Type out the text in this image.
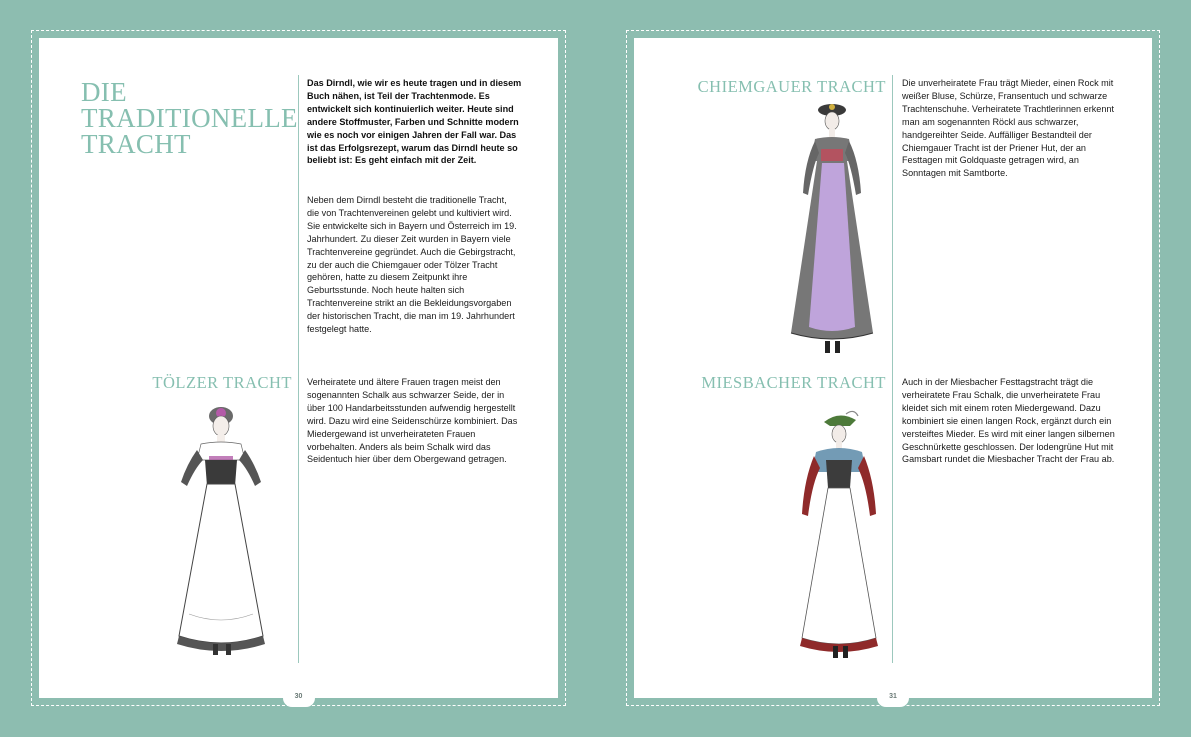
DIE
TRADITIONELLE
TRACHT

Das Dirndl, wie wir es heute tragen und in diesem Buch nähen, ist Teil der Trachtenmode. Es entwickelt sich kontinuierlich weiter. Heute sind andere Stoffmuster, Farben und Schnitte modern wie es noch vor einigen Jahren der Fall war. Das ist das Erfolgsrezept, warum das Dirndl heute so beliebt ist: Es geht einfach mit der Zeit.

Neben dem Dirndl besteht die traditionelle Tracht, die von Trachtenvereinen gelebt und kultiviert wird. Sie entwickelte sich in Bayern und Österreich im 19. Jahrhundert. Zu dieser Zeit wurden in Bayern viele Trachtenvereine gegründet. Auch die Gebirgstracht, zu der auch die Chiemgauer oder Tölzer Tracht gehören, hatte zu diesem Zeitpunkt ihre Geburtsstunde. Noch heute halten sich Trachtenvereine strikt an die Bekleidungsvorgaben der historischen Tracht, die man im 19. Jahrhundert festgelegt hatte.

TÖLZER TRACHT Verheiratete und ältere Frauen tragen meist den sogenannten Schalk aus schwarzer Seide, der in über 100 Handarbeitsstunden aufwendig hergestellt wird. Dazu wird eine Seidenschürze kombiniert. Das Miedergewand ist unverheirateten Frauen vorbehalten. Anders als beim Schalk wird das Seidentuch hier über dem Obergewand getragen.

30
CHIEMGAUER TRACHT Die unverheiratete Frau trägt Mieder, einen Rock mit weißer Bluse, Schürze, Fransentuch und schwarze Trachtenschuhe. Verheiratete Trachtlerinnen erkennt man am sogenannten Röckl aus schwarzer, handgereihter Seide. Auffälliger Bestandteil der Chiemgauer Tracht ist der Priener Hut, der an Festtagen mit Goldquaste getragen wird, an Sonntagen mit Samtborte.

MIESBACHER TRACHT Auch in der Miesbacher Festtagstracht trägt die verheiratete Frau Schalk, die unverheiratete Frau kleidet sich mit einem roten Miedergewand. Dazu kombiniert sie einen langen Rock, ergänzt durch ein versteiftes Mieder. Es wird mit einer langen silbernen Geschnürkette geschlossen. Der lodengrüne Hut mit Gamsbart rundet die Miesbacher Tracht der Frau ab.

31
